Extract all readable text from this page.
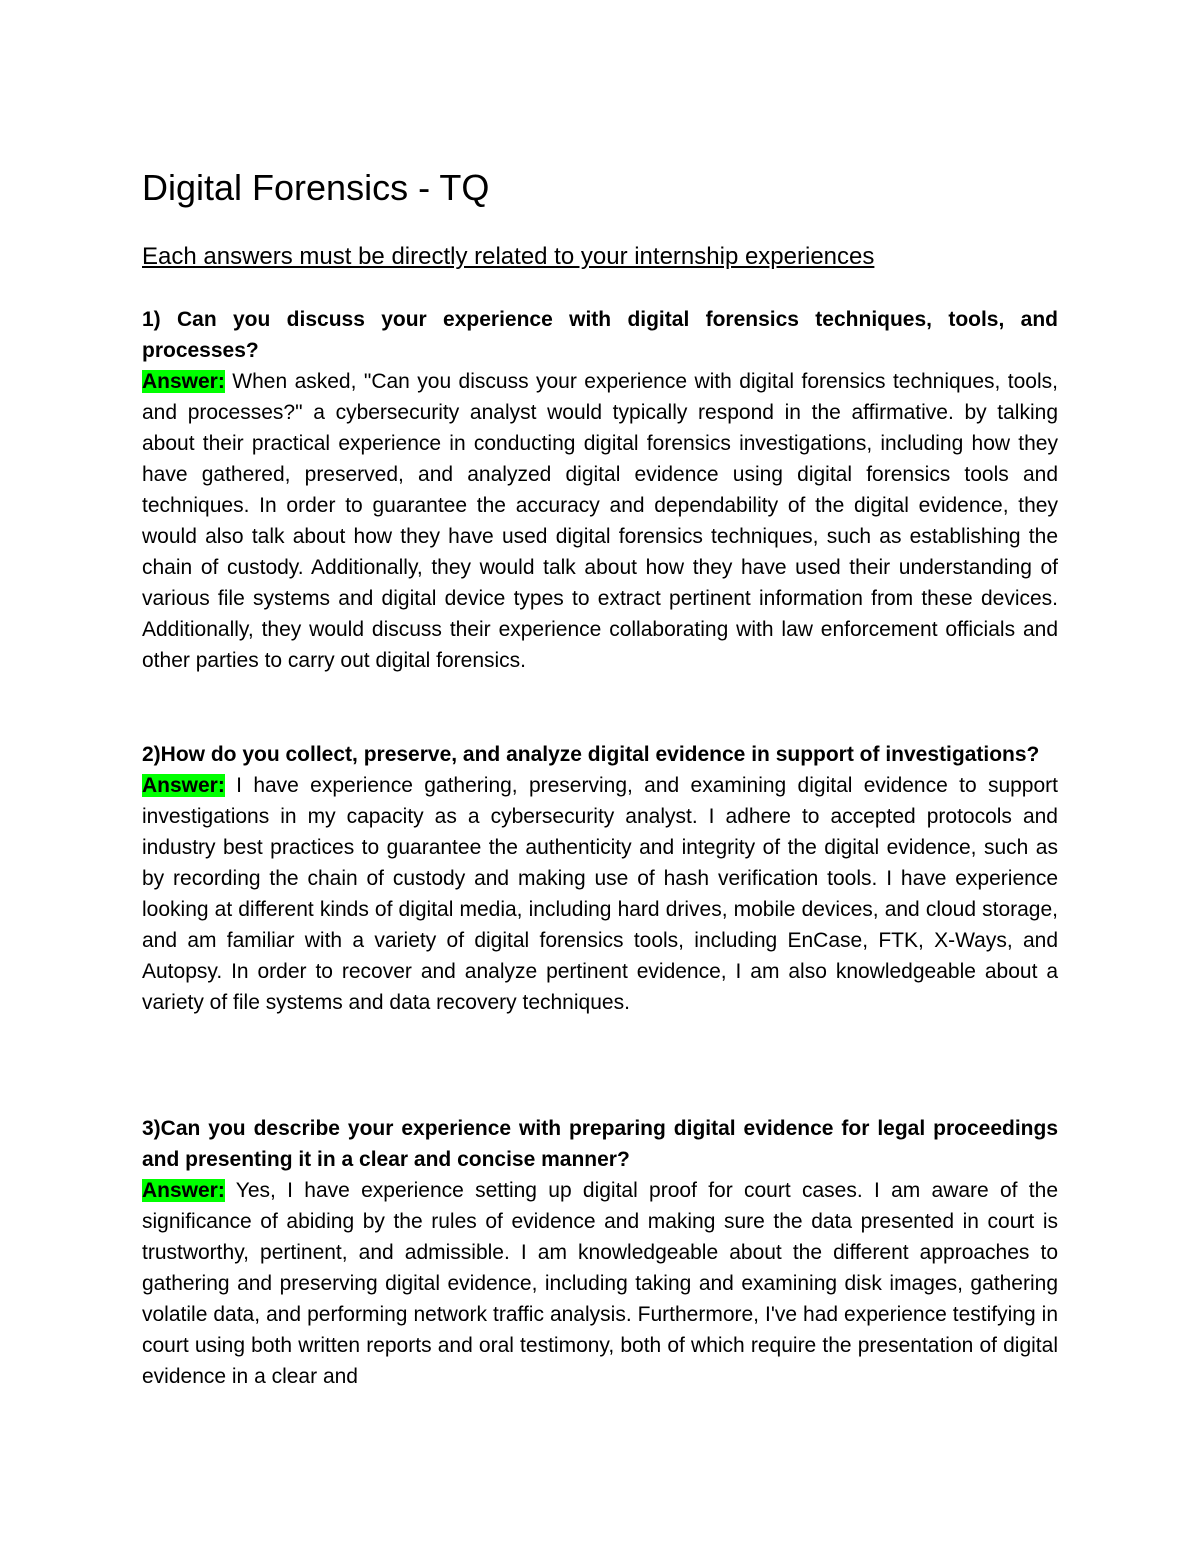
Digital Forensics - TQ
Each answers must be directly related to your internship experiences

1) Can you discuss your experience with digital forensics techniques, tools, and processes?

Answer: When asked, "Can you discuss your experience with digital forensics techniques, tools, and processes?" a cybersecurity analyst would typically respond in the affirmative. by talking about their practical experience in conducting digital forensics investigations, including how they have gathered, preserved, and analyzed digital evidence using digital forensics tools and techniques. In order to guarantee the accuracy and dependability of the digital evidence, they would also talk about how they have used digital forensics techniques, such as establishing the chain of custody. Additionally, they would talk about how they have used their understanding of various file systems and digital device types to extract pertinent information from these devices. Additionally, they would discuss their experience collaborating with law enforcement officials and other parties to carry out digital forensics.

2)How do you collect, preserve, and analyze digital evidence in support of investigations?

Answer: I have experience gathering, preserving, and examining digital evidence to support investigations in my capacity as a cybersecurity analyst. I adhere to accepted protocols and industry best practices to guarantee the authenticity and integrity of the digital evidence, such as by recording the chain of custody and making use of hash verification tools. I have experience looking at different kinds of digital media, including hard drives, mobile devices, and cloud storage, and am familiar with a variety of digital forensics tools, including EnCase, FTK, X-Ways, and Autopsy. In order to recover and analyze pertinent evidence, I am also knowledgeable about a variety of file systems and data recovery techniques.

3)Can you describe your experience with preparing digital evidence for legal proceedings and presenting it in a clear and concise manner?

Answer: Yes, I have experience setting up digital proof for court cases. I am aware of the significance of abiding by the rules of evidence and making sure the data presented in court is trustworthy, pertinent, and admissible. I am knowledgeable about the different approaches to gathering and preserving digital evidence, including taking and examining disk images, gathering volatile data, and performing network traffic analysis. Furthermore, I've had experience testifying in court using both written reports and oral testimony, both of which require the presentation of digital evidence in a clear and
